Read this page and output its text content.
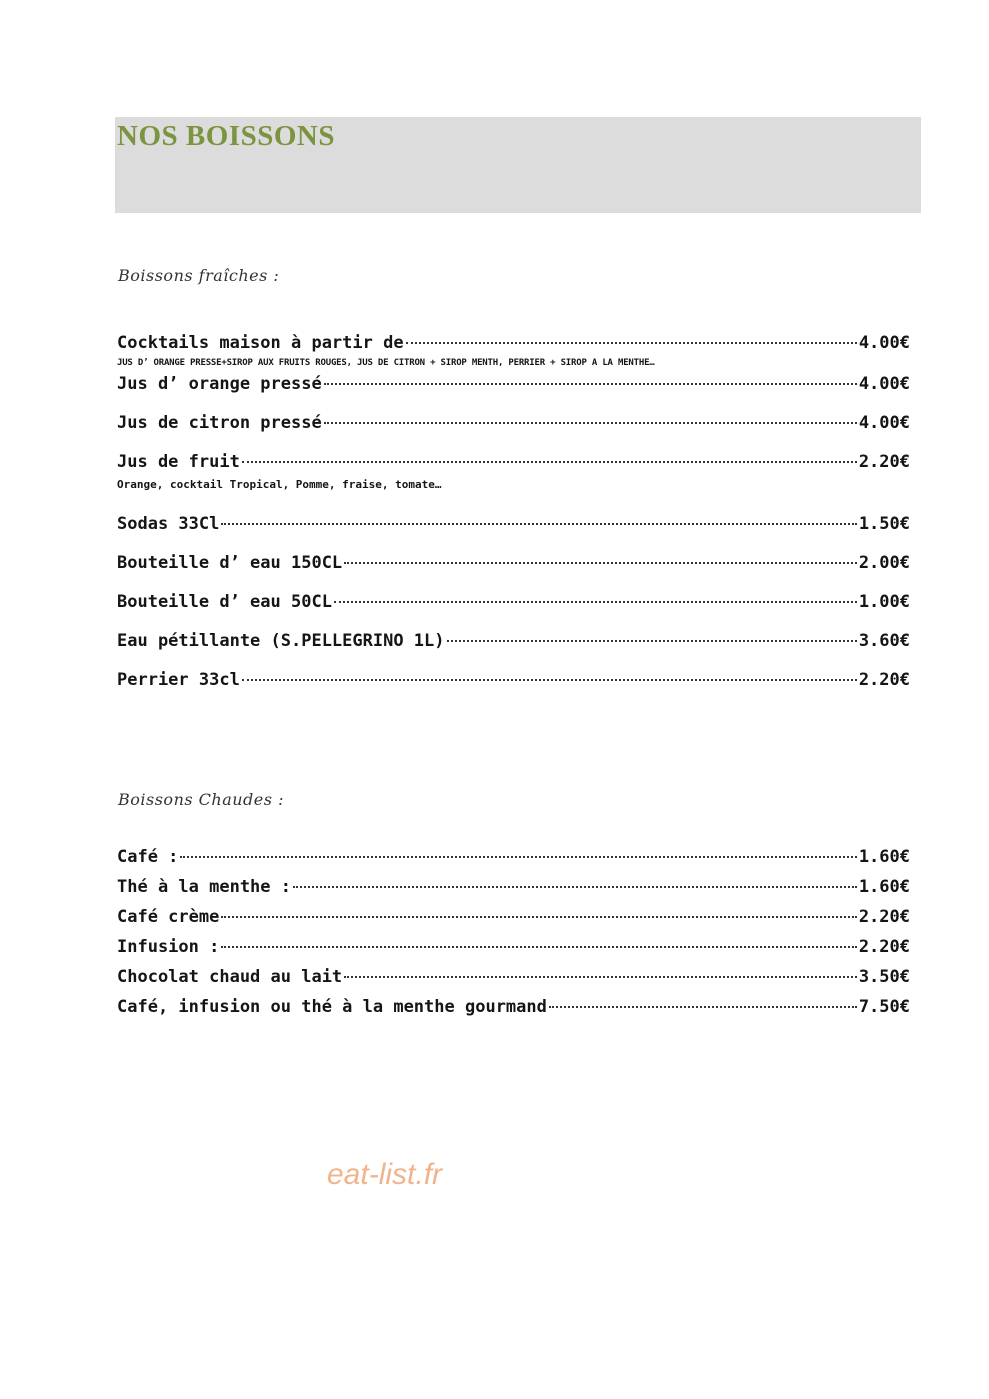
NOS BOISSONS
Boissons fraîches :
Cocktails maison à partir de	4.00€
JUS D’ ORANGE PRESSE+SIROP AUX FRUITS ROUGES, JUS DE CITRON + SIROP MENTH, PERRIER + SIROP A LA MENTHE…
Jus d’ orange pressé	4.00€
Jus de citron pressé	4.00€
Jus de fruit	2.20€
Orange, cocktail Tropical, Pomme, fraise, tomate…
Sodas 33Cl	1.50€
Bouteille d’ eau 150CL	2.00€
Bouteille d’ eau 50CL	1.00€
Eau pétillante (S.PELLEGRINO 1L)	3.60€
Perrier 33cl	2.20€
Boissons Chaudes :
Café :	1.60€
Thé à la menthe :	1.60€
Café crème	2.20€
Infusion :	2.20€
Chocolat chaud au lait	3.50€
Café, infusion ou thé à la menthe gourmand	7.50€
eat-list.fr
